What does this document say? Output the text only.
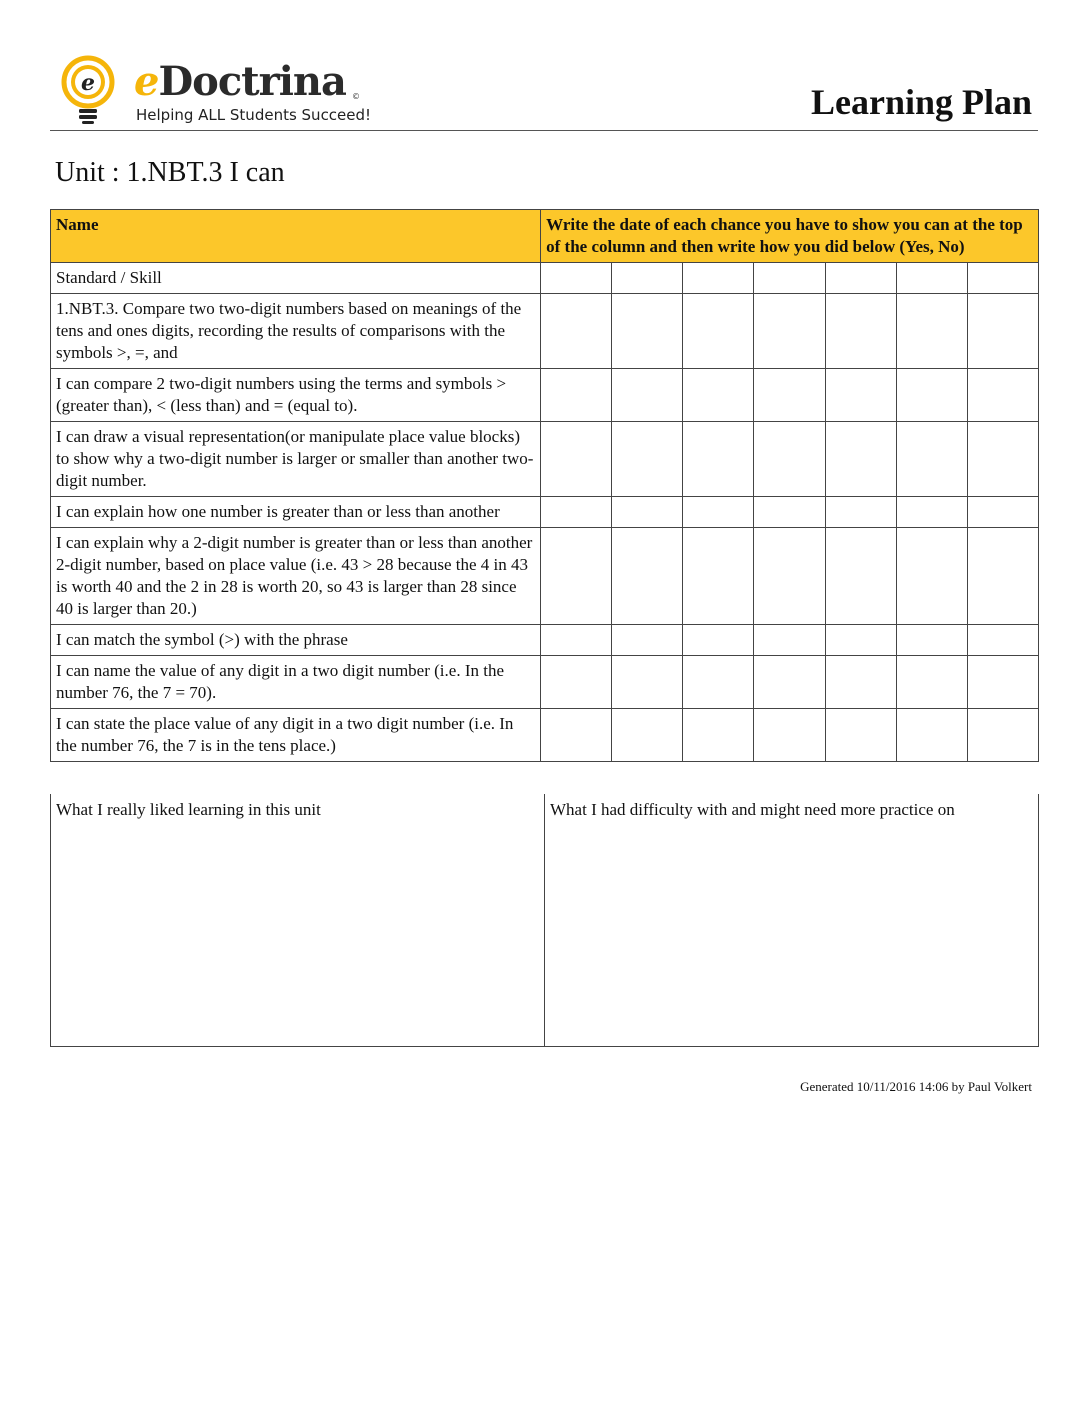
e eDoctrina ©
Helping ALL Students Succeed!	Learning Plan
Unit : 1.NBT.3 I can
Name	Write the date of each chance you have to show you can at the top of the column and then write how you did below (Yes, No)						
Standard / Skill							
1.NBT.3. Compare two two-digit numbers based on meanings of the tens and ones digits, recording the results of comparisons with the symbols >, =, and							
I can compare 2 two-digit numbers using the terms and symbols > (greater than), < (less than) and = (equal to).							
I can draw a visual representation(or manipulate place value blocks) to show why a two-digit number is larger or smaller than another two-digit number.							
I can explain how one number is greater than or less than another							
I can explain why a 2-digit number is greater than or less than another 2-digit number, based on place value (i.e. 43 > 28 because the 4 in 43 is worth 40 and the 2 in 28 is worth 20, so 43 is larger than 28 since 40 is larger than 20.)							
I can match the symbol (>) with the phrase							
I can name the value of any digit in a two digit number (i.e. In the number 76, the 7 = 70).							
I can state the place value of any digit in a two digit number (i.e. In the number 76, the 7 is in the tens place.)							
What I really liked learning in this unit	What I had difficulty with and might need more practice on
Generated 10/11/2016 14:06 by Paul Volkert
